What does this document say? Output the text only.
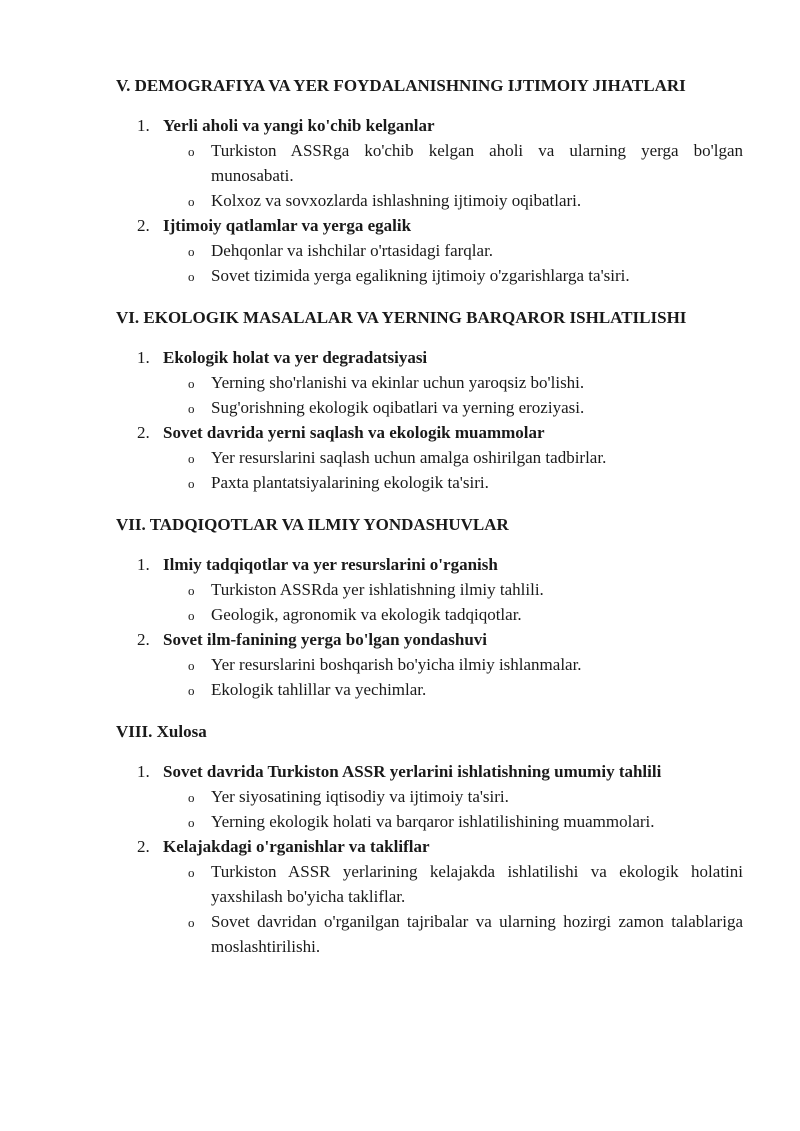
V. DEMOGRAFIYA VA YER FOYDALANISHNING IJTIMOIY JIHATLARI

1. Yerli aholi va yangi ko'chib kelganlar
o Turkiston ASSRga ko'chib kelgan aholi va ularning yerga bo'lgan munosabati.
o Kolxoz va sovxozlarda ishlashning ijtimoiy oqibatlari.
2. Ijtimoiy qatlamlar va yerga egalik
o Dehqonlar va ishchilar o'rtasidagi farqlar.
o Sovet tizimida yerga egalikning ijtimoiy o'zgarishlarga ta'siri.

VI. EKOLOGIK MASALALAR VA YERNING BARQAROR ISHLATILISHI

1. Ekologik holat va yer degradatsiyasi
o Yerning sho'rlanishi va ekinlar uchun yaroqsiz bo'lishi.
o Sug'orishning ekologik oqibatlari va yerning eroziyasi.
2. Sovet davrida yerni saqlash va ekologik muammolar
o Yer resurslarini saqlash uchun amalga oshirilgan tadbirlar.
o Paxta plantatsiyalarining ekologik ta'siri.

VII. TADQIQOTLAR VA ILMIY YONDASHUVLAR

1. Ilmiy tadqiqotlar va yer resurslarini o'rganish
o Turkiston ASSRda yer ishlatishning ilmiy tahlili.
o Geologik, agronomik va ekologik tadqiqotlar.
2. Sovet ilm-fanining yerga bo'lgan yondashuvi
o Yer resurslarini boshqarish bo'yicha ilmiy ishlanmalar.
o Ekologik tahlillar va yechimlar.

VIII. Xulosa

1. Sovet davrida Turkiston ASSR yerlarini ishlatishning umumiy tahlili
o Yer siyosatining iqtisodiy va ijtimoiy ta'siri.
o Yerning ekologik holati va barqaror ishlatilishining muammolari.
2. Kelajakdagi o'rganishlar va takliflar
o Turkiston ASSR yerlarining kelajakda ishlatilishi va ekologik holatini yaxshilash bo'yicha takliflar.
o Sovet davridan o'rganilgan tajribalar va ularning hozirgi zamon talablariga moslashtirilishi.
